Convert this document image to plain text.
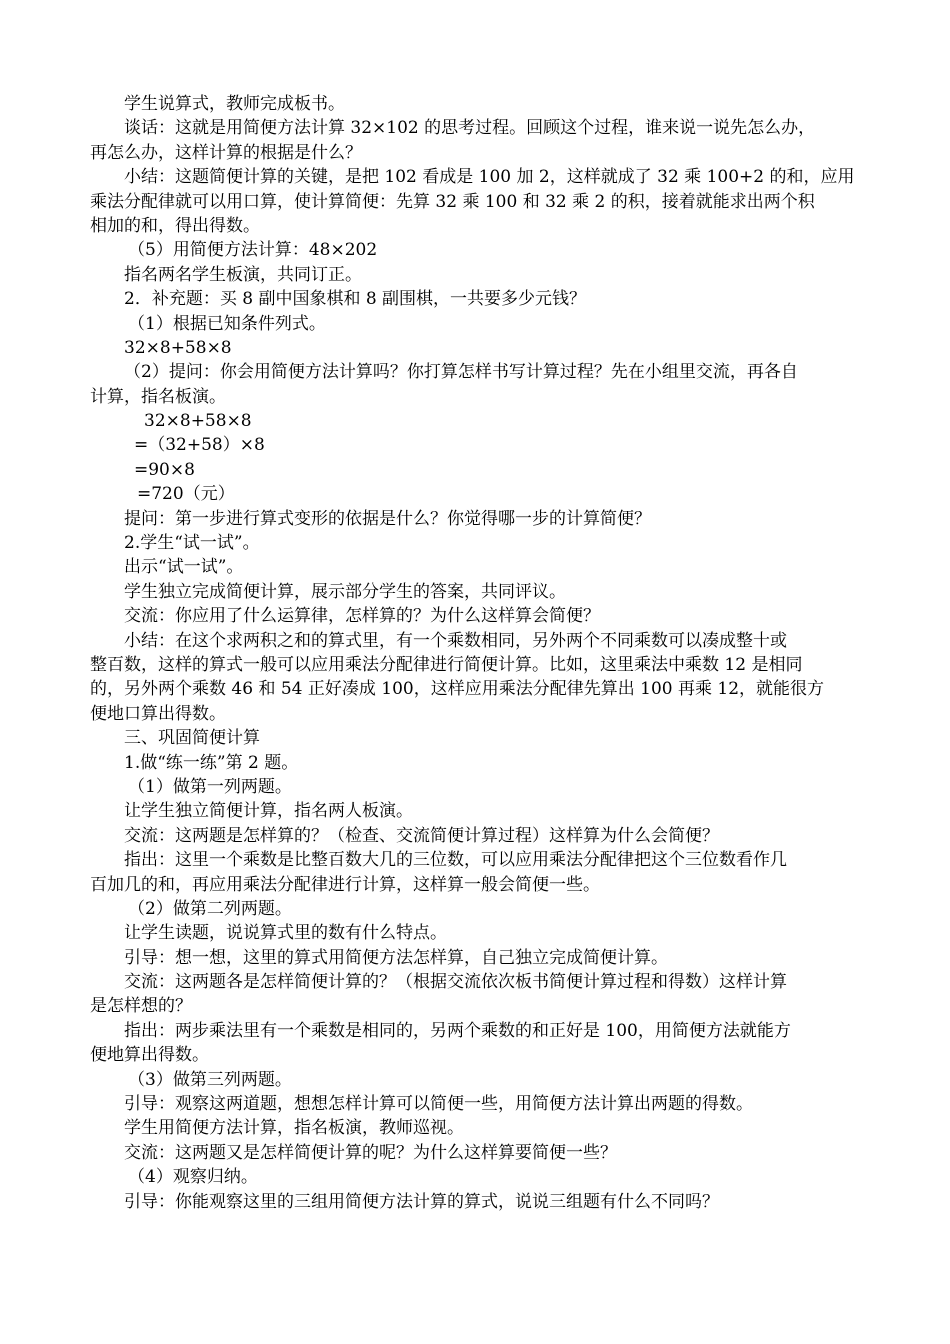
学生说算式，教师完成板书。

谈话：这就是用简便方法计算 32×102 的思考过程。回顾这个过程，谁来说一说先怎么办，

再怎么办，这样计算的根据是什么？

小结：这题简便计算的关键，是把 102 看成是 100 加 2，这样就成了 32 乘 100+2 的和，应用

乘法分配律就可以用口算，使计算简便：先算 32 乘 100 和 32 乘 2 的积，接着就能求出两个积

相加的和，得出得数。

（5）用简便方法计算：48×202

指名两名学生板演，共同订正。

2．补充题：买 8 副中国象棋和 8 副围棋，一共要多少元钱？

（1）根据已知条件列式。

32×8+58×8

（2）提问：你会用简便方法计算吗？你打算怎样书写计算过程？先在小组里交流，再各自

计算，指名板演。

32×8+58×8

=（32+58）×8

=90×8

=720（元）

提问：第一步进行算式变形的依据是什么？你觉得哪一步的计算简便？

2.学生“试一试”。

出示“试一试”。

学生独立完成简便计算，展示部分学生的答案，共同评议。

交流：你应用了什么运算律，怎样算的？为什么这样算会简便？

小结：在这个求两积之和的算式里，有一个乘数相同，另外两个不同乘数可以凑成整十或

整百数，这样的算式一般可以应用乘法分配律进行简便计算。比如，这里乘法中乘数 12 是相同

的，另外两个乘数 46 和 54 正好凑成 100，这样应用乘法分配律先算出 100 再乘 12，就能很方

便地口算出得数。

三、巩固简便计算

1.做“练一练”第 2 题。

（1）做第一列两题。

让学生独立简便计算，指名两人板演。

交流：这两题是怎样算的？（检查、交流简便计算过程）这样算为什么会简便？

指出：这里一个乘数是比整百数大几的三位数，可以应用乘法分配律把这个三位数看作几

百加几的和，再应用乘法分配律进行计算，这样算一般会简便一些。

（2）做第二列两题。

让学生读题，说说算式里的数有什么特点。

引导：想一想，这里的算式用简便方法怎样算，自己独立完成简便计算。

交流：这两题各是怎样简便计算的？（根据交流依次板书简便计算过程和得数）这样计算

是怎样想的？

指出：两步乘法里有一个乘数是相同的，另两个乘数的和正好是 100，用简便方法就能方

便地算出得数。

（3）做第三列两题。

引导：观察这两道题，想想怎样计算可以简便一些，用简便方法计算出两题的得数。

学生用简便方法计算，指名板演，教师巡视。

交流：这两题又是怎样简便计算的呢？为什么这样算要简便一些？

（4）观察归纳。

引导：你能观察这里的三组用简便方法计算的算式，说说三组题有什么不同吗？
